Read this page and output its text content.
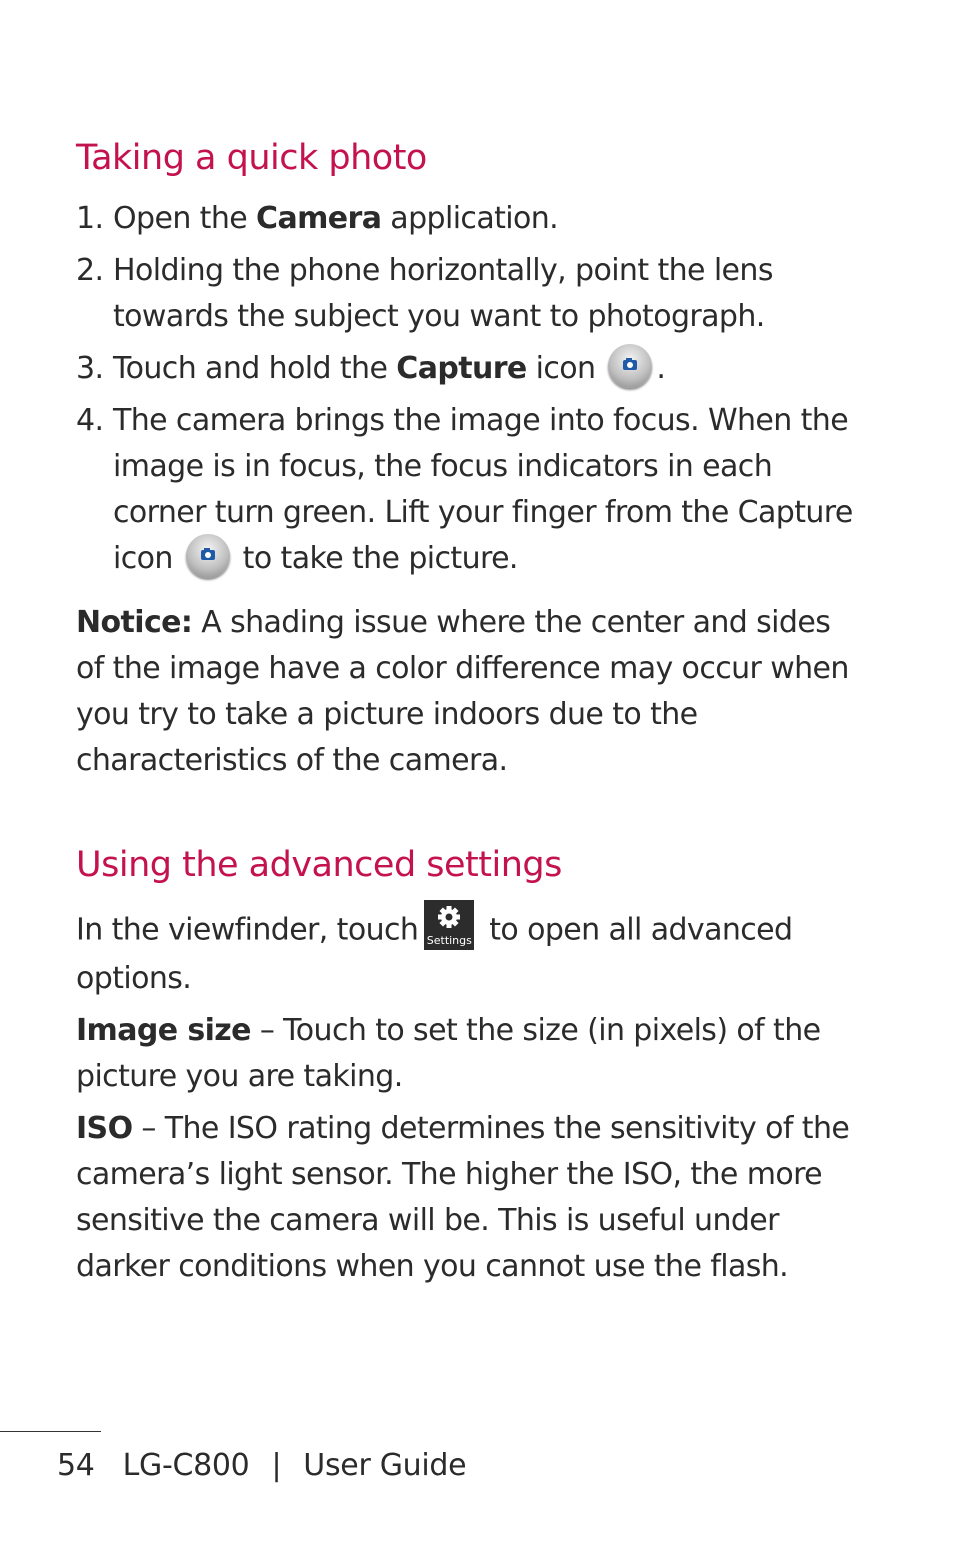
Taking a quick photo
1. Open the Camera application.
2. Holding the phone horizontally, point the lens towards the subject you want to photograph.
3. Touch and hold the Capture icon .
4. The camera brings the image into focus. When the image is in focus, the focus indicators in each corner turn green. Lift your finger from the Capture icon
to take the picture.

Notice: A shading issue where the center and sides of the image have a color difference may occur when you try to take a picture indoors due to the characteristics of the camera.

Using the advanced settings

In the viewfinder, touch Settings to open all advanced options.

Image size – Touch to set the size (in pixels) of the picture you are taking.

ISO – The ISO rating determines the sensitivity of the camera’s light sensor. The higher the ISO, the more sensitive the camera will be. This is useful under darker conditions when you cannot use the flash.

54 LG-C800 | User Guide
